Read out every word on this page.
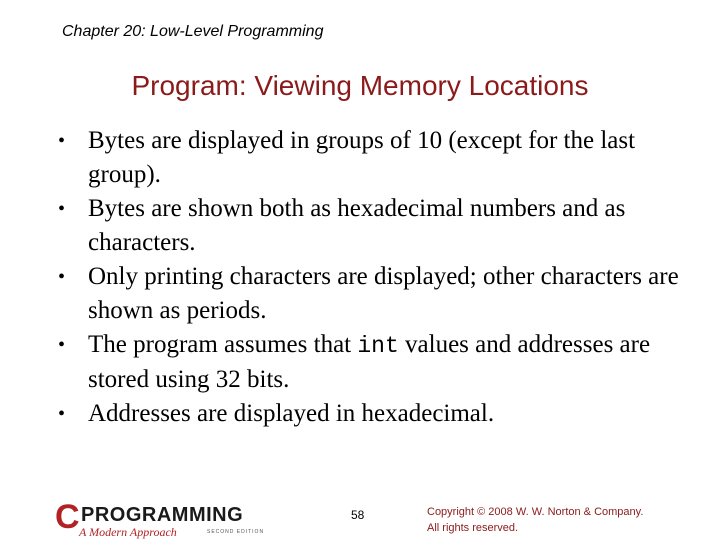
Chapter 20: Low-Level Programming
Program: Viewing Memory Locations
• Bytes are displayed in groups of 10 (except for the last group).
• Bytes are shown both as hexadecimal numbers and as characters.
• Only printing characters are displayed; other characters are shown as periods.
• The program assumes that int values and addresses are stored using 32 bits.
• Addresses are displayed in hexadecimal.
C PROGRAMMING
A Modern Approach	SECOND EDITION
58	Copyright © 2008 W. W. Norton & Company.
All rights reserved.
